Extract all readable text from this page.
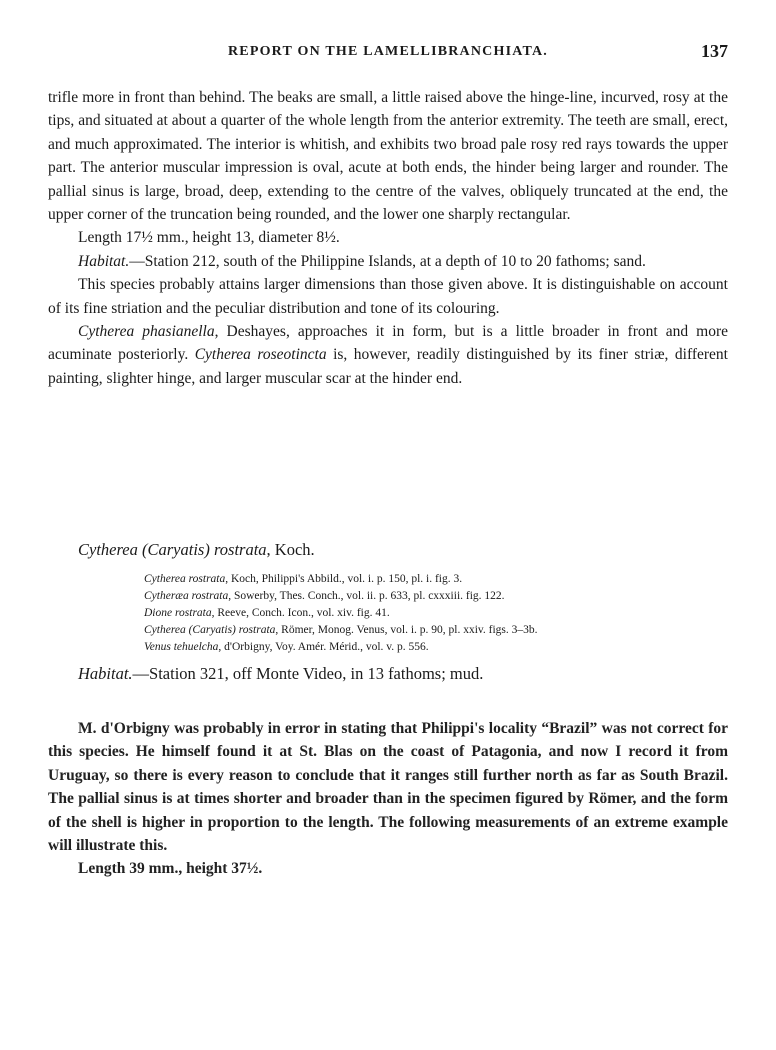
REPORT ON THE LAMELLIBRANCHIATA.	137

trifle more in front than behind. The beaks are small, a little raised above the hinge-line, incurved, rosy at the tips, and situated at about a quarter of the whole length from the anterior extremity. The teeth are small, erect, and much approximated. The interior is whitish, and exhibits two broad pale rosy red rays towards the upper part. The anterior muscular impression is oval, acute at both ends, the hinder being larger and rounder. The pallial sinus is large, broad, deep, extending to the centre of the valves, obliquely truncated at the end, the upper corner of the truncation being rounded, and the lower one sharply rectangular.

Length 17½ mm., height 13, diameter 8½.

Habitat.—Station 212, south of the Philippine Islands, at a depth of 10 to 20 fathoms; sand.

This species probably attains larger dimensions than those given above. It is distinguishable on account of its fine striation and the peculiar distribution and tone of its colouring.

Cytherea phasianella, Deshayes, approaches it in form, but is a little broader in front and more acuminate posteriorly. Cytherea roseotincta is, however, readily distinguished by its finer striæ, different painting, slighter hinge, and larger muscular scar at the hinder end.

Cytherea (Caryatis) rostrata, Koch.
Cytherea rostrata, Koch, Philippi's Abbild., vol. i. p. 150, pl. i. fig. 3.
Cytheræa rostrata, Sowerby, Thes. Conch., vol. ii. p. 633, pl. cxxxiii. fig. 122.
Dione rostrata, Reeve, Conch. Icon., vol. xiv. fig. 41.
Cytherea (Caryatis) rostrata, Römer, Monog. Venus, vol. i. p. 90, pl. xxiv. figs. 3–3b.
Venus tehuelcha, d'Orbigny, Voy. Amér. Mérid., vol. v. p. 556.
Habitat.—Station 321, off Monte Video, in 13 fathoms; mud.

M. d'Orbigny was probably in error in stating that Philippi's locality “Brazil” was not correct for this species. He himself found it at St. Blas on the coast of Patagonia, and now I record it from Uruguay, so there is every reason to conclude that it ranges still further north as far as South Brazil. The pallial sinus is at times shorter and broader than in the specimen figured by Römer, and the form of the shell is higher in proportion to the length. The following measurements of an extreme example will illustrate this.

Length 39 mm., height 37½.
